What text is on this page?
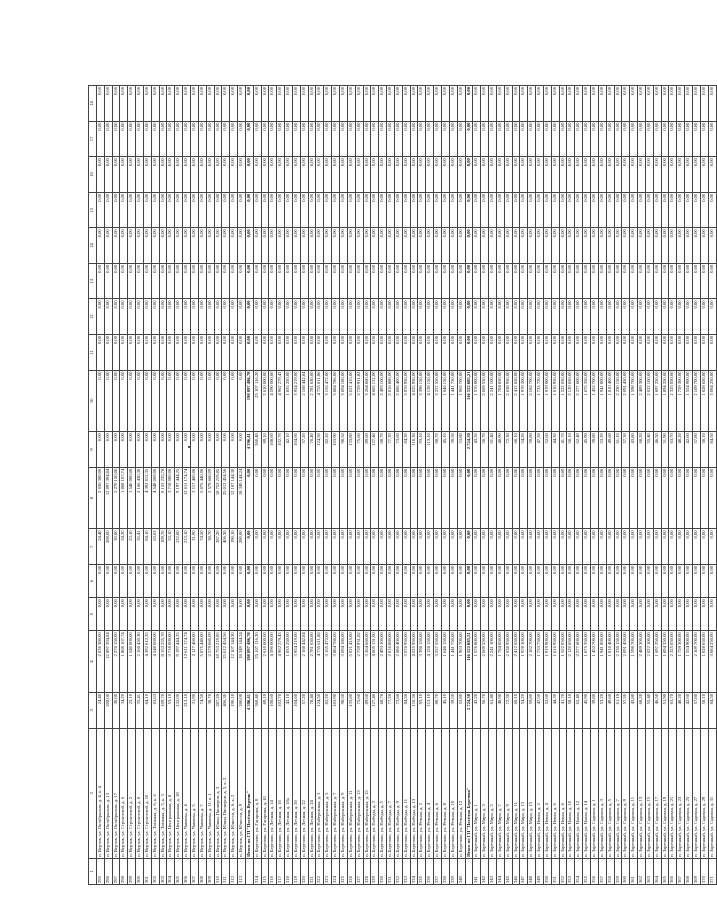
1	2	3	4	5	6	7	8	9	10	11	12	13	14	15	16	17	18
295	п. Вертик, ул. Октябрьская, д. 4, к. 4	24,40	2 036 380,00	0,00	0,00	24,40	2 036 380,00	0,00	0,00	0,00	0,00	0,00	0,00	0,00	0,00	0,00	0,00
296	п. Вертик, ул. Октябрьская, д. 13	208,00	12 897 394,84	0,00	0,00	208,00	12 897 394,84	0,00	0,00	0,00	0,00	0,00	0,00	0,00	0,00	0,00	0,00
297	п. Вертик, ул. Октябрьская, д. 17	30,00	2 270 150,00	0,00	0,00	30,00	2 270 150,00	0,00	0,00	0,00	0,00	0,00	0,00	0,00	0,00	0,00	0,00
298	п. Вертик, ул. Строителей, д. 6	34,20	1 868 107,74	0,00	0,00	34,20	1 868 107,74	0,00	0,00	0,00	0,00	0,00	0,00	0,00	0,00	0,00	0,00
299	п. Вертик, ул. Строителей, д. 2	23,10	1 540 000,00	0,00	0,00	23,10	1 540 000,00	0,00	0,00	0,00	0,00	0,00	0,00	0,00	0,00	0,00	0,00
300	п. Вертик, ул. Строителей, д. 8	35,41	2 166 430,30	0,00	0,00	35,41	2 166 430,30	0,00	0,00	0,00	0,00	0,00	0,00	0,00	0,00	0,00	0,00
301	п. Вертик, ул. Строителей, д. 10	84,10	4 392 612,35	0,00	0,00	84,10	4 392 612,35	0,00	0,00	0,00	0,00	0,00	0,00	0,00	0,00	0,00	0,00
302	п. Вертик, ул. Таёжная, д. 6, к. 6	63,63	4 548 069,00	0,00	0,00	63,63	4 548 069,00	0,00	0,00	0,00	0,00	0,00	0,00	0,00	0,00	0,00	0,00
303	п. Вертик, ул. Таёжная, д. 5, к. 3	109,70	8 153 235,78	0,00	0,00	109,70	8 153 235,78	0,00	0,00	0,00	0,00	0,00	0,00	0,00	0,00	0,00	0,00
304	п. Вертик, ул. Центральная, д. 8	53,10	3 718 000,00	0,00	0,00	53,10	3 718 000,00	0,00	0,00	0,00	0,00	0,00	0,00	0,00	0,00	0,00	0,00
305	п. Вертик, ул. Центральная, д. 18	132,00	9 197 444,25	0,00	0,00	132,00	9 197 444,25	0,00	0,00	0,00	0,00	0,00	0,00	0,00	0,00	0,00	0,00
306	п. Вертик, ул. Чапаева, д. 4	213,10	12 611 174,74	0,00	0,00	213,10	12 611 174,74	0,00	0,00	0,00	0,00	0,00	0,00	0,00	0,00	0,00	0,00
307	п. Вертик, ул. Чапаева, д. 5	31,90	2 117 460,00	0,00	0,00	31,90	2 117 460,00	0,00	0,00	0,00	0,00	0,00	0,00	0,00	0,00	0,00	0,00
308	п. Вертик, ул. Чапаева, д. 7	74,50	5 075 440,00	0,00	0,00	74,50	5 075 440,00	0,00	0,00	0,00	0,00	0,00	0,00	0,00	0,00	0,00	0,00
309	п. Вертик, ул. Чапаева, д. 11, к. 1	38,70	2 579 660,09	0,00	0,00	38,70	2 579 660,09	0,00	0,00	0,00	0,00	0,00	0,00	0,00	0,00	0,00	0,00
310	п. Вертик, ул. Юных Пионеров, д. 3	287,20	18 753 219,85	0,00	0,00	287,20	18 753 219,85	0,00	0,00	0,00	0,00	0,00	0,00	0,00	0,00	0,00	0,00
311	п. Вертик, ул. Юных Пионеров, д. 5, к. 2	406,30	25 012 454,56	0,00	0,00	406,30	25 012 454,56	0,00	0,00	0,00	0,00	0,00	0,00	0,00	0,00	0,00	0,00
312	п. Вертик, ул. Юности, д. 6, к. 2	190,10	12 107 144,30	0,00	0,00	190,10	12 107 144,30	0,00	0,00	0,00	0,00	0,00	0,00	0,00	0,00	0,00	0,00
313	п. Вертик, ул. Юности, д. 9	280,00	18 349 144,24	0,00	0,00	280,00	18 349 144,24	0,00	0,00	0,00	0,00	0,00	0,00	0,00	0,00	0,00	0,00
	Итого по ГП "Посёлок Вертик"	4 396,41	198 097 486,78	0,00	0,00	0,00	0,00	4 396,41	198 097 486,78	0,00	0,00	0,00	0,00	0,00	0,00	0,00	0,00
314	п. Березово, ул. Гагарина, д. 8	360,40	25 107 116,20	0,00	0,00	0,00	0,00	360,40	25 107 116,20	0,00	0,00	0,00	0,00	0,00	0,00	0,00	0,00
315	п. Березово, ул. Гагарина, д. 10	89,10	2 610 000,00	0,00	0,00	0,00	0,00	89,10	2 610 000,00	0,00	0,00	0,00	0,00	0,00	0,00	0,00	0,00
316	п. Березово, ул. Лесная, д. 14	108,60	4 590 000,00	0,00	0,00	0,00	0,00	108,60	4 590 000,00	0,00	0,00	0,00	0,00	0,00	0,00	0,00	0,00
317	п. Березово, ул. Лесная, д. 16	102,70	4 962 279,43	0,00	0,00	0,00	0,00	102,70	4 962 279,43	0,00	0,00	0,00	0,00	0,00	0,00	0,00	0,00
318	п. Березово, ул. Лесная, д. 18а	42,10	1 835 250,00	0,00	0,00	0,00	0,00	42,10	1 835 250,00	0,00	0,00	0,00	0,00	0,00	0,00	0,00	0,00
319	п. Березово, ул. Лесная, д. 20	104,60	3 954 219,00	0,00	0,00	0,00	0,00	104,60	3 954 219,00	0,00	0,00	0,00	0,00	0,00	0,00	0,00	0,00
320	п. Березово, ул. Лесная, д. 22	57,20	2 168 442,84	0,00	0,00	0,00	0,00	57,20	2 168 442,84	0,00	0,00	0,00	0,00	0,00	0,00	0,00	0,00
321	п. Березово, ул. Лесная, д. 24	78,40	2 781 630,00	0,00	0,00	0,00	0,00	78,40	2 781 630,00	0,00	0,00	0,00	0,00	0,00	0,00	0,00	0,00
322	п. Березово, ул. Набережная, д. 3	124,50	4 755 611,86	0,00	0,00	0,00	0,00	124,50	4 755 611,86	0,00	0,00	0,00	0,00	0,00	0,00	0,00	0,00
323	п. Березово, ул. Набережная, д. 5	82,20	3 155 472,00	0,00	0,00	0,00	0,00	82,20	3 155 472,00	0,00	0,00	0,00	0,00	0,00	0,00	0,00	0,00
324	п. Березово, ул. Набережная, д. 7	103,90	3 884 786,06	0,00	0,00	0,00	0,00	103,90	3 884 786,06	0,00	0,00	0,00	0,00	0,00	0,00	0,00	0,00
325	п. Березово, ул. Набережная, д. 9	98,50	3 694 180,00	0,00	0,00	0,00	0,00	98,50	3 694 180,00	0,00	0,00	0,00	0,00	0,00	0,00	0,00	0,00
326	п. Березово, ул. Набережная, д. 11	133,80	5 021 415,00	0,00	0,00	0,00	0,00	133,80	5 021 415,00	0,00	0,00	0,00	0,00	0,00	0,00	0,00	0,00
327	п. Березово, ул. Набережная, д. 13	75,60	2 759 931,82	0,00	0,00	0,00	0,00	75,60	2 759 931,82	0,00	0,00	0,00	0,00	0,00	0,00	0,00	0,00
328	п. Березово, ул. Набережная, д. 15	89,60	3 264 660,00	0,00	0,00	0,00	0,00	89,60	3 264 660,00	0,00	0,00	0,00	0,00	0,00	0,00	0,00	0,00
329	п. Березово, ул. Победы, д. 3	127,40	4 605 131,00	0,00	0,00	0,00	0,00	127,40	4 605 131,00	0,00	0,00	0,00	0,00	0,00	0,00	0,00	0,00
330	п. Березово, ул. Победы, д. 5	68,70	2 493 100,00	0,00	0,00	0,00	0,00	68,70	2 493 100,00	0,00	0,00	0,00	0,00	0,00	0,00	0,00	0,00
331	п. Березово, ул. Победы, д. 7	77,20	2 816 880,00	0,00	0,00	0,00	0,00	77,20	2 816 880,00	0,00	0,00	0,00	0,00	0,00	0,00	0,00	0,00
332	п. Березово, ул. Победы, д. 9	73,60	2 686 400,00	0,00	0,00	0,00	0,00	73,60	2 686 400,00	0,00	0,00	0,00	0,00	0,00	0,00	0,00	0,00
333	п. Березово, ул. Победы, д. 11	84,30	3 076 950,00	0,00	0,00	0,00	0,00	84,30	3 076 950,00	0,00	0,00	0,00	0,00	0,00	0,00	0,00	0,00
334	п. Березово, ул. Победы, д. 13	110,30	4 025 950,00	0,00	0,00	0,00	0,00	110,30	4 025 950,00	0,00	0,00	0,00	0,00	0,00	0,00	0,00	0,00
335	п. Березово, ул. Речная, д. 2	93,10	3 398 150,00	0,00	0,00	0,00	0,00	93,10	3 398 150,00	0,00	0,00	0,00	0,00	0,00	0,00	0,00	0,00
336	п. Березово, ул. Речная, д. 4	113,10	4 128 150,00	0,00	0,00	0,00	0,00	113,10	4 128 150,00	0,00	0,00	0,00	0,00	0,00	0,00	0,00	0,00
337	п. Березово, ул. Речная, д. 6	88,70	3 237 550,00	0,00	0,00	0,00	0,00	88,70	3 237 550,00	0,00	0,00	0,00	0,00	0,00	0,00	0,00	0,00
338	п. Березово, ул. Речная, д. 8	45,10	1 646 150,00	0,00	0,00	0,00	0,00	45,10	1 646 150,00	0,00	0,00	0,00	0,00	0,00	0,00	0,00	0,00
339	п. Березово, ул. Речная, д. 10	39,50	1 441 750,00	0,00	0,00	0,00	0,00	39,50	1 441 750,00	0,00	0,00	0,00	0,00	0,00	0,00	0,00	0,00
340	п. Березово, ул. Речная, д. 12	53,80	1 963 700,00	0,00	0,00	0,00	0,00	53,80	1 963 700,00	0,00	0,00	0,00	0,00	0,00	0,00	0,00	0,00
	Итого по ГП "Посёлок Березово"	2 724,30	116 522 685,21	0,00	0,00	0,00	0,00	2 724,30	116 522 685,21	0,00	0,00	0,00	0,00	0,00	0,00	0,00	0,00
341	п. Заречный, ул. Мира, д. 1	43,20	1 576 800,00	0,00	0,00	0,00	0,00	43,20	1 576 800,00	0,00	0,00	0,00	0,00	0,00	0,00	0,00	0,00
342	п. Заречный, ул. Мира, д. 3	56,70	2 069 550,00	0,00	0,00	0,00	0,00	56,70	2 069 550,00	0,00	0,00	0,00	0,00	0,00	0,00	0,00	0,00
343	п. Заречный, ул. Мира, д. 5	61,40	2 241 100,00	0,00	0,00	0,00	0,00	61,40	2 241 100,00	0,00	0,00	0,00	0,00	0,00	0,00	0,00	0,00
344	п. Заречный, ул. Мира, д. 7	48,90	1 784 850,00	0,00	0,00	0,00	0,00	48,90	1 784 850,00	0,00	0,00	0,00	0,00	0,00	0,00	0,00	0,00
345	п. Заречный, ул. Мира, д. 9	72,30	2 638 950,00	0,00	0,00	0,00	0,00	72,30	2 638 950,00	0,00	0,00	0,00	0,00	0,00	0,00	0,00	0,00
346	п. Заречный, ул. Мира, д. 11	66,10	2 412 650,00	0,00	0,00	0,00	0,00	66,10	2 412 650,00	0,00	0,00	0,00	0,00	0,00	0,00	0,00	0,00
347	п. Заречный, ул. Мира, д. 13	54,20	1 978 300,00	0,00	0,00	0,00	0,00	54,20	1 978 300,00	0,00	0,00	0,00	0,00	0,00	0,00	0,00	0,00
348	п. Заречный, ул. Мира, д. 15	59,80	2 182 700,00	0,00	0,00	0,00	0,00	59,80	2 182 700,00	0,00	0,00	0,00	0,00	0,00	0,00	0,00	0,00
349	п. Заречный, ул. Новая, д. 2	47,50	1 733 750,00	0,00	0,00	0,00	0,00	47,50	1 733 750,00	0,00	0,00	0,00	0,00	0,00	0,00	0,00	0,00
350	п. Заречный, ул. Новая, д. 4	52,60	1 919 900,00	0,00	0,00	0,00	0,00	52,60	1 919 900,00	0,00	0,00	0,00	0,00	0,00	0,00	0,00	0,00
351	п. Заречный, ул. Новая, д. 6	44,30	1 616 950,00	0,00	0,00	0,00	0,00	44,30	1 616 950,00	0,00	0,00	0,00	0,00	0,00	0,00	0,00	0,00
352	п. Заречный, ул. Новая, д. 8	41,70	1 522 050,00	0,00	0,00	0,00	0,00	41,70	1 522 050,00	0,00	0,00	0,00	0,00	0,00	0,00	0,00	0,00
353	п. Заречный, ул. Новая, д. 10	58,10	2 120 650,00	0,00	0,00	0,00	0,00	58,10	2 120 650,00	0,00	0,00	0,00	0,00	0,00	0,00	0,00	0,00
354	п. Заречный, ул. Новая, д. 12	62,40	2 277 600,00	0,00	0,00	0,00	0,00	62,40	2 277 600,00	0,00	0,00	0,00	0,00	0,00	0,00	0,00	0,00
355	п. Заречный, ул. Новая, д. 14	45,90	1 675 350,00	0,00	0,00	0,00	0,00	45,90	1 675 350,00	0,00	0,00	0,00	0,00	0,00	0,00	0,00	0,00
356	п. Заречный, ул. Садовая, д. 1	39,80	1 452 700,00	0,00	0,00	0,00	0,00	39,80	1 452 700,00	0,00	0,00	0,00	0,00	0,00	0,00	0,00	0,00
357	п. Заречный, ул. Садовая, д. 3	53,20	1 941 800,00	0,00	0,00	0,00	0,00	53,20	1 941 800,00	0,00	0,00	0,00	0,00	0,00	0,00	0,00	0,00
358	п. Заречный, ул. Садовая, д. 5	49,60	1 810 400,00	0,00	0,00	0,00	0,00	49,60	1 810 400,00	0,00	0,00	0,00	0,00	0,00	0,00	0,00	0,00
359	п. Заречный, ул. Садовая, д. 7	61,10	2 230 150,00	0,00	0,00	0,00	0,00	61,10	2 230 150,00	0,00	0,00	0,00	0,00	0,00	0,00	0,00	0,00
360	п. Заречный, ул. Садовая, д. 9	57,30	2 091 450,00	0,00	0,00	0,00	0,00	57,30	2 091 450,00	0,00	0,00	0,00	0,00	0,00	0,00	0,00	0,00
361	п. Заречный, ул. Садовая, д. 11	43,80	1 598 700,00	0,00	0,00	0,00	0,00	43,80	1 598 700,00	0,00	0,00	0,00	0,00	0,00	0,00	0,00	0,00
362	п. Заречный, ул. Садовая, д. 13	68,20	2 489 300,00	0,00	0,00	0,00	0,00	68,20	2 489 300,00	0,00	0,00	0,00	0,00	0,00	0,00	0,00	0,00
363	п. Заречный, ул. Садовая, д. 15	55,40	2 022 100,00	0,00	0,00	0,00	0,00	55,40	2 022 100,00	0,00	0,00	0,00	0,00	0,00	0,00	0,00	0,00
364	п. Заречный, ул. Садовая, д. 17	46,50	1 697 250,00	0,00	0,00	0,00	0,00	46,50	1 697 250,00	0,00	0,00	0,00	0,00	0,00	0,00	0,00	0,00
365	п. Заречный, ул. Садовая, д. 19	51,90	1 894 350,00	0,00	0,00	0,00	0,00	51,90	1 894 350,00	0,00	0,00	0,00	0,00	0,00	0,00	0,00	0,00
366	п. Заречный, ул. Садовая, д. 21	63,70	2 325 050,00	0,00	0,00	0,00	0,00	63,70	2 325 050,00	0,00	0,00	0,00	0,00	0,00	0,00	0,00	0,00
367	п. Заречный, ул. Садовая, д. 23	48,20	1 759 300,00	0,00	0,00	0,00	0,00	48,20	1 759 300,00	0,00	0,00	0,00	0,00	0,00	0,00	0,00	0,00
368	п. Заречный, ул. Садовая, д. 25	42,60	1 554 900,00	0,00	0,00	0,00	0,00	42,60	1 554 900,00	0,00	0,00	0,00	0,00	0,00	0,00	0,00	0,00
369	п. Заречный, ул. Садовая, д. 27	57,80	2 109 700,00	0,00	0,00	0,00	0,00	57,80	2 109 700,00	0,00	0,00	0,00	0,00	0,00	0,00	0,00	0,00
370	п. Заречный, ул. Садовая, д. 29	50,10	1 828 650,00	0,00	0,00	0,00	0,00	50,10	1 828 650,00	0,00	0,00	0,00	0,00	0,00	0,00	0,00	0,00
371	п. Заречный, ул. Садовая, д. 31	84,50	3 084 250,00	0,00	0,00	0,00	0,00	84,50	3 084 250,00	0,00	0,00	0,00	0,00	0,00	0,00	0,00	0,00
